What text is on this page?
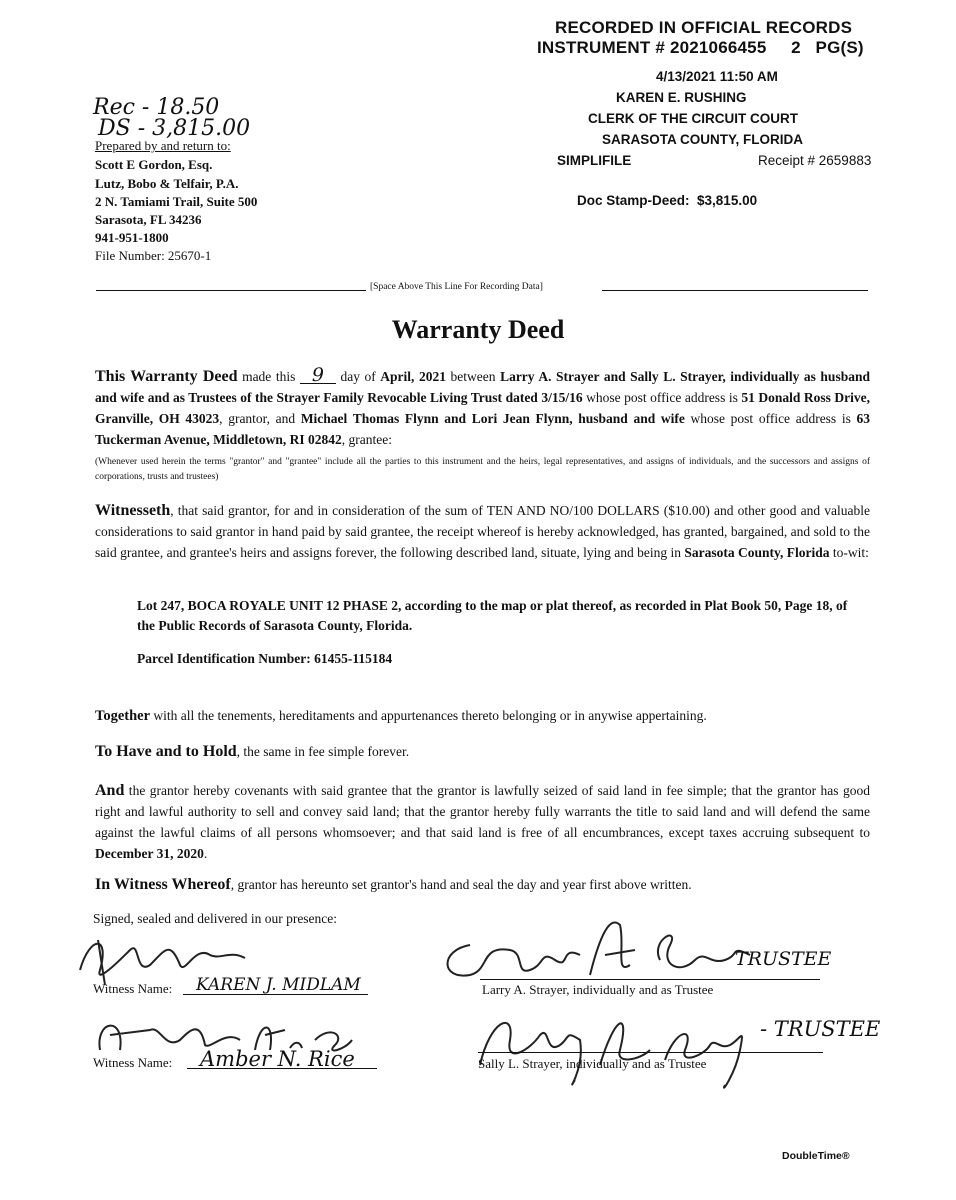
RECORDED IN OFFICIAL RECORDS
INSTRUMENT # 2021066455     2   PG(S)
4/13/2021 11:50 AM
KAREN E. RUSHING
CLERK OF THE CIRCUIT COURT
SARASOTA COUNTY, FLORIDA
SIMPLIFILE	Receipt # 2659883
Doc Stamp-Deed: $3,815.00
Rec - 18.50
DS - 3,815.00
Prepared by and return to:
Scott E Gordon, Esq.
Lutz, Bobo & Telfair, P.A.
2 N. Tamiami Trail, Suite 500
Sarasota, FL 34236
941-951-1800
File Number: 25670-1
[Space Above This Line For Recording Data]
Warranty Deed
This Warranty Deed made this 9 day of April, 2021 between Larry A. Strayer and Sally L. Strayer, individually as husband and wife and as Trustees of the Strayer Family Revocable Living Trust dated 3/15/16 whose post office address is 51 Donald Ross Drive, Granville, OH 43023, grantor, and Michael Thomas Flynn and Lori Jean Flynn, husband and wife whose post office address is 63 Tuckerman Avenue, Middletown, RI 02842, grantee:
(Whenever used herein the terms "grantor" and "grantee" include all the parties to this instrument and the heirs, legal representatives, and assigns of individuals, and the successors and assigns of corporations, trusts and trustees)
Witnesseth, that said grantor, for and in consideration of the sum of TEN AND NO/100 DOLLARS ($10.00) and other good and valuable considerations to said grantor in hand paid by said grantee, the receipt whereof is hereby acknowledged, has granted, bargained, and sold to the said grantee, and grantee's heirs and assigns forever, the following described land, situate, lying and being in Sarasota County, Florida to-wit:
Lot 247, BOCA ROYALE UNIT 12 PHASE 2, according to the map or plat thereof, as recorded in Plat Book 50, Page 18, of the Public Records of Sarasota County, Florida.
Parcel Identification Number: 61455-115184
Together with all the tenements, hereditaments and appurtenances thereto belonging or in anywise appertaining.
To Have and to Hold, the same in fee simple forever.
And the grantor hereby covenants with said grantee that the grantor is lawfully seized of said land in fee simple; that the grantor has good right and lawful authority to sell and convey said land; that the grantor hereby fully warrants the title to said land and will defend the same against the lawful claims of all persons whomsoever; and that said land is free of all encumbrances, except taxes accruing subsequent to December 31, 2020.
In Witness Whereof, grantor has hereunto set grantor's hand and seal the day and year first above written.
Signed, sealed and delivered in our presence:
Witness Name: KAREN J. MIDLAM
Witness Name: Amber N. Rice
TRUSTEE
Larry A. Strayer, individually and as Trustee
- TRUSTEE
Sally L. Strayer, individually and as Trustee
DoubleTime®
